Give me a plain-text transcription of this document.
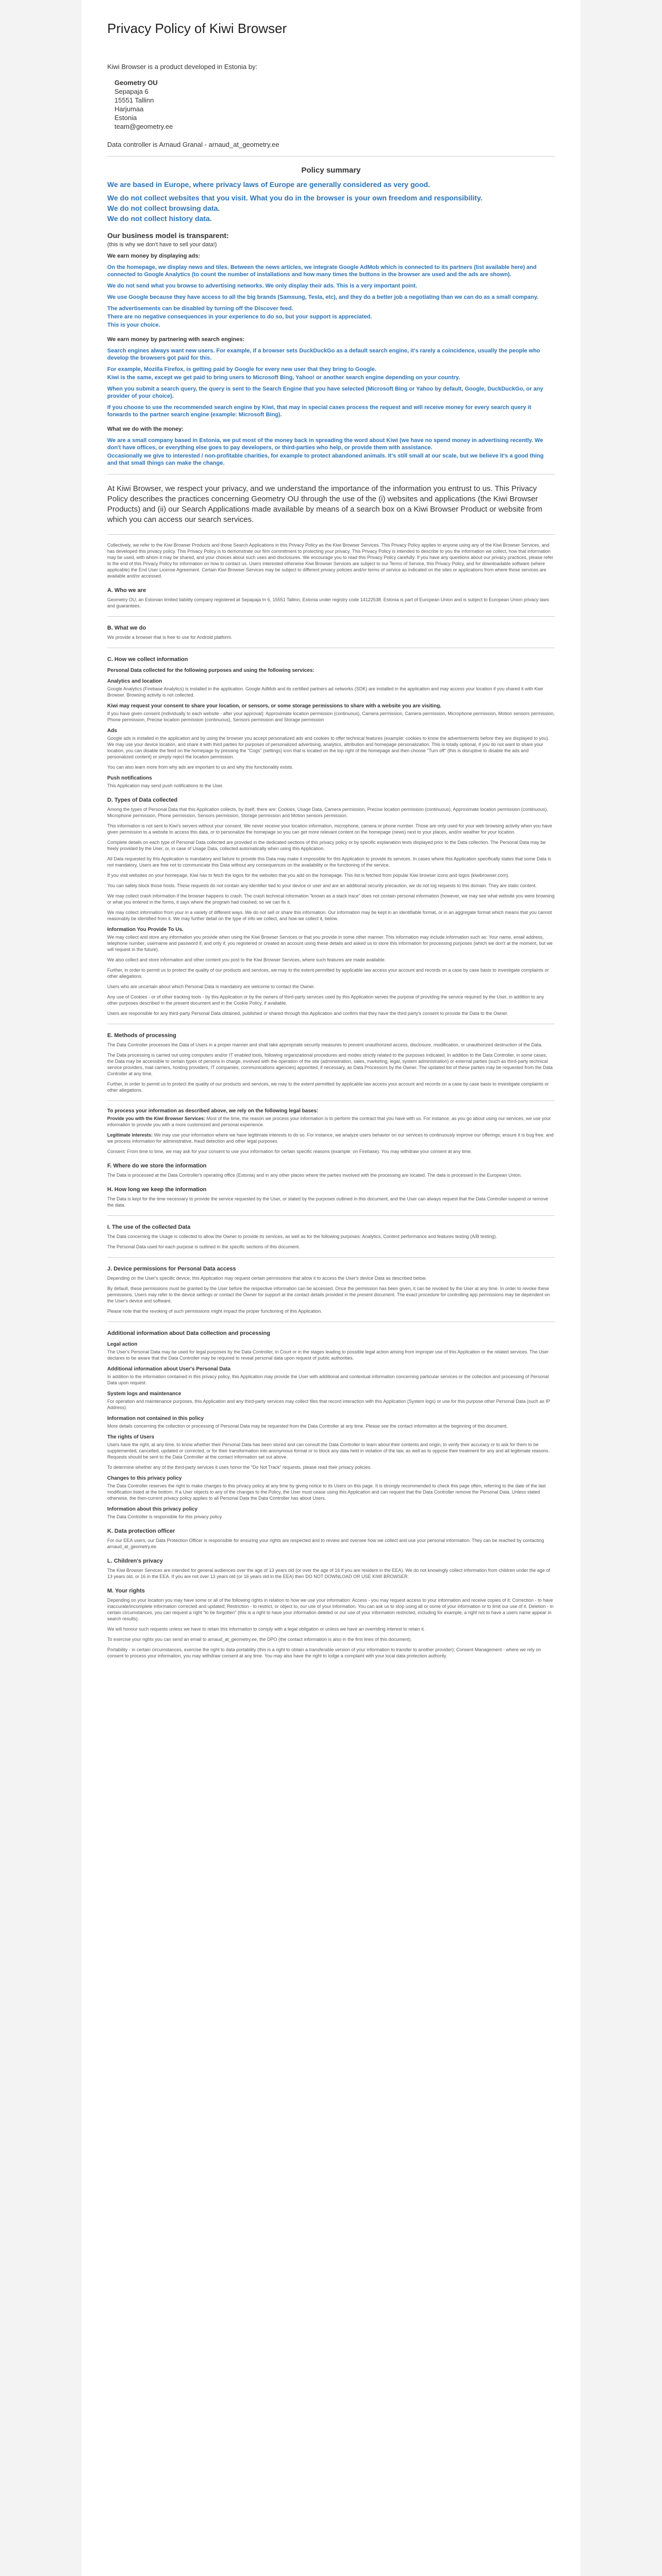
Privacy Policy of Kiwi Browser
Kiwi Browser is a product developed in Estonia by:
Geometry OU
Sepapaja 6
15551 Tallinn
Harjumaa
Estonia
team@geometry.ee
Data controller is Arnaud Granal - arnaud_at_geometry.ee
Policy summary

We are based in Europe, where privacy laws of Europe are generally considered as very good.

We do not collect websites that you visit. What you do in the browser is your own freedom and responsibility.

We do not collect browsing data.

We do not collect history data.

Our business model is transparent:

(this is why we don't have to sell your data!)

We earn money by displaying ads:

On the homepage, we display news and tiles. Between the news articles, we integrate Google AdMob which is connected to its partners (list available here) and connected to Google Analytics (to count the number of installations and how many times the buttons in the browser are used and the ads are shown).

We do not send what you browse to advertising networks. We only display their ads. This is a very important point.

We use Google because they have access to all the big brands (Samsung, Tesla, etc), and they do a better job a negotiating than we can do as a small company.

The advertisements can be disabled by turning off the Discover feed.

There are no negative consequences in your experience to do so, but your support is appreciated.

This is your choice.

We earn money by partnering with search engines:

Search engines always want new users. For example, if a browser sets DuckDuckGo as a default search engine, it's rarely a coincidence, usually the people who develop the browsers got paid for this.

For example, Mozilla Firefox, is getting paid by Google for every new user that they bring to Google.

Kiwi is the same, except we get paid to bring users to Microsoft Bing, Yahoo! or another search engine depending on your country.

When you submit a search query, the query is sent to the Search Engine that you have selected (Microsoft Bing or Yahoo by default, Google, DuckDuckGo, or any provider of your choice).

If you choose to use the recommended search engine by Kiwi, that may in special cases process the request and will receive money for every search query it forwards to the partner search engine (example: Microsoft Bing).

What we do with the money:

We are a small company based in Estonia, we put most of the money back in spreading the word about Kiwi (we have no spend money in advertising recently. We don't have offices, or everything else goes to pay developers, or third-parties who help, or provide them with assistance.

Occasionally we give to interested / non-profitable charities, for example to protect abandoned animals. It's still small at our scale, but we believe it's a good thing and that small things can make the change.

At Kiwi Browser, we respect your privacy, and we understand the importance of the information you entrust to us. This Privacy Policy describes the practices concerning Geometry OU through the use of the (i) websites and applications (the Kiwi Browser Products) and (ii) our Search Applications made available by means of a search box on a Kiwi Browser Product or website from which you can access our search services.

Collectively, we refer to the Kiwi Browser Products and those Search Applications in this Privacy Policy as the Kiwi Browser Services. This Privacy Policy applies to anyone using any of the Kiwi Browser Services, and has developed this privacy policy. This Privacy Policy is to demonstrate our firm commitment to protecting your privacy. This Privacy Policy is intended to describe to you the information we collect, how that information may be used, with whom it may be shared, and your choices about such uses and disclosures. We encourage you to read this Privacy Policy carefully. If you have any questions about our privacy practices, please refer to the end of this Privacy Policy for information on how to contact us. Users interested otherwise Kiwi Browser Services are subject to our Terms of Service, this Privacy Policy, and for downloadable software (where applicable) the End User License Agreement. Certain Kiwi Browser Services may be subject to different privacy policies and/or terms of service as indicated on the sites or applications from where those services are available and/or accessed.

A. Who we are

Geometry OU, an Estonian limited liability company registered at Sepapaja tn 6, 15551 Tallinn, Estonia under registry code 14122538. Estonia is part of European Union and is subject to European Union privacy laws and guarantees.

B. What we do

We provide a browser that is free to use for Android platform.

C. How we collect information
Personal Data collected for the following purposes and using the following services:
Analytics and location

Google Analytics (Firebase Analytics) is installed in the application. Google AdMob and its certified partners ad networks (SDK) are installed in the application and may access your location if you shared it with Kiwi Browser. Browsing activity is not collected.

Kiwi may request your consent to share your location, or sensors, or some storage permissions to share with a website you are visiting.

If you have given consent (individually to each website - after your approval): Approximate location permission (continuous), Camera permission, Camera permission, Microphone permission, Motion sensors permission, Phone permission, Precise location permission (continuous), Sensors permission and Storage permission

Ads

Google ads is installed in the application and by using the browser you accept personalized ads and cookies to offer technical features (example: cookies to know the advertisements before they are displayed to you). We may use your device location, and share it with third parties for purposes of personalized advertising, analytics, attribution and homepage personalization. This is totally optional, if you do not want to share your location, you can disable the feed on the homepage by pressing the "Cogs" (settings) icon that is located on the top right of the homepage and then choose "Turn off" (this is disruptive to disable the ads and personalized content) or simply reject the location permission.

You can also learn more from why ads are important to us and why this functionality exists.

Push notifications

This Application may send push notifications to the User.

D. Types of Data collected

Among the types of Personal Data that this Application collects, by itself, there are: Cookies, Usage Data, Camera permission, Precise location permission (continuous), Approximate location permission (continuous), Microphone permission, Phone permission, Sensors permission, Storage permission and Motion sensors permission.

This information is not sent to Kiwi's servers without your consent. We never receive your location information, microphone, camera or phone number. Those are only used for your web browsing activity when you have given permission to a website to access this data, or to personalize the homepage so you can get more relevant content on the homepage (news) next to your places, and/or weather for your location.

Complete details on each type of Personal Data collected are provided in the dedicated sections of this privacy policy or by specific explanation texts displayed prior to the Data collection. The Personal Data may be freely provided by the User, or, in case of Usage Data, collected automatically when using this Application.

All Data requested by this Application is mandatory and failure to provide this Data may make it impossible for this Application to provide its services. In cases where this Application specifically states that some Data is not mandatory, Users are free not to communicate this Data without any consequences on the availability or the functioning of the service.

If you visit websites on your homepage, Kiwi has to fetch the logos for the websites that you add on the homepage. This list is fetched from popular Kiwi browser icons and logos (kiwibrowser.com).

You can safely block those hosts. These requests do not contain any identifier tied to your device or user and are an additional security precaution, we do not log requests to this domain. They are static content.

We may collect crash information if the browser happens to crash. The crash technical information "known as a stack trace" does not contain personal information (however, we may see what website you were browsing or what you entered in the forms, it says where the program had crashed, so we can fix it.

We may collect information from your in a variety of different ways. We do not sell or share this information. Our information may be kept in an identifiable format, or in an aggregate format which means that you cannot reasonably be identified from it. We may further detail on the type of info we collect, and how we collect it, below.

Information You Provide To Us.

We may collect and store any information you provide when using the Kiwi Browser Services or that you provide in some other manner. This information may include information such as: Your name, email address, telephone number, username and password if, and only if, you registered or created an account using these details and asked us to store this information for processing purposes (which we don't at the moment, but we will request in the future).

We also collect and store information and other content you post to the Kiwi Browser Services, where such features are made available.

Further, in order to permit us to protect the quality of our products and services, we may to the extent permitted by applicable law access your account and records on a case by case basis to investigate complaints or other allegations.

Users who are uncertain about which Personal Data is mandatory are welcome to contact the Owner.

Any use of Cookies - or of other tracking tools - by this Application or by the owners of third-party services used by this Application serves the purpose of providing the service required by the User, in addition to any other purposes described in the present document and in the Cookie Policy, if available.

Users are responsible for any third-party Personal Data obtained, published or shared through this Application and confirm that they have the third party's consent to provide the Data to the Owner.

E. Methods of processing

The Data Controller processes the Data of Users in a proper manner and shall take appropriate security measures to prevent unauthorized access, disclosure, modification, or unauthorized destruction of the Data.

The Data processing is carried out using computers and/or IT enabled tools, following organizational procedures and modes strictly related to the purposes indicated. In addition to the Data Controller, in some cases, the Data may be accessible to certain types of persons in charge, involved with the operation of the site (administration, sales, marketing, legal, system administration) or external parties (such as third-party technical service providers, mail carriers, hosting providers, IT companies, communications agencies) appointed, if necessary, as Data Processors by the Owner. The updated list of these parties may be requested from the Data Controller at any time.

Further, in order to permit us to protect the quality of our products and services, we may to the extent permitted by applicable law access your account and records on a case by case basis to investigate complaints or other allegations.

To process your information as described above, we rely on the following legal bases:

Provide you with the Kiwi Browser Services: Most of the time, the reason we process your information is to perform the contract that you have with us. For instance, as you go about using our services, we use your information to provide you with a more customized and personal experience.

Legitimate interests: We may use your information where we have legitimate interests to do so. For instance, we analyze users behavior on our services to continuously improve our offerings; ensure it is bug free; and we process information for administrative, fraud detection and other legal purposes.

Consent: From time to time, we may ask for your consent to use your information for certain specific reasons (example: on Firebase). You may withdraw your consent at any time.

F. Where do we store the information

The Data is processed at the Data Controller's operating office (Estonia) and in any other places where the parties involved with the processing are located. The data is processed in the European Union.

H. How long we keep the information

The Data is kept for the time necessary to provide the service requested by the User, or stated by the purposes outlined in this document, and the User can always request that the Data Controller suspend or remove the data.

I. The use of the collected Data

The Data concerning the Usage is collected to allow the Owner to provide its services, as well as for the following purposes: Analytics, Content performance and features testing (A/B testing).

The Personal Data used for each purpose is outlined in the specific sections of this document.

J. Device permissions for Personal Data access

Depending on the User's specific device, this Application may request certain permissions that allow it to access the User's device Data as described below.

By default, these permissions must be granted by the User before the respective information can be accessed. Once the permission has been given, it can be revoked by the User at any time. In order to revoke these permissions, Users may refer to the device settings or contact the Owner for support at the contact details provided in the present document. The exact procedure for controlling app permissions may be dependent on the User's device and software.

Please note that the revoking of such permissions might impact the proper functioning of this Application.

Additional information about Data collection and processing
Legal action

The User's Personal Data may be used for legal purposes by the Data Controller, in Court or in the stages leading to possible legal action arising from improper use of this Application or the related services. The User declares to be aware that the Data Controller may be required to reveal personal data upon request of public authorities.

Additional information about User's Personal Data

In addition to the information contained in this privacy policy, this Application may provide the User with additional and contextual information concerning particular services or the collection and processing of Personal Data upon request.

System logs and maintenance

For operation and maintenance purposes, this Application and any third-party services may collect files that record interaction with this Application (System logs) or use for this purpose other Personal Data (such as IP Address).

Information not contained in this policy

More details concerning the collection or processing of Personal Data may be requested from the Data Controller at any time. Please see the contact information at the beginning of this document.

The rights of Users

Users have the right, at any time, to know whether their Personal Data has been stored and can consult the Data Controller to learn about their contents and origin, to verify their accuracy or to ask for them to be supplemented, cancelled, updated or corrected, or for their transformation into anonymous format or to block any data held in violation of the law, as well as to oppose their treatment for any and all legitimate reasons. Requests should be sent to the Data Controller at the contact information set out above.

To determine whether any of the third-party services it uses honor the "Do Not Track" requests, please read their privacy policies.

Changes to this privacy policy

The Data Controller reserves the right to make changes to this privacy policy at any time by giving notice to its Users on this page. It is strongly recommended to check this page often, referring to the date of the last modification listed at the bottom. If a User objects to any of the changes to the Policy, the User must cease using this Application and can request that the Data Controller remove the Personal Data. Unless stated otherwise, the then-current privacy policy applies to all Personal Data the Data Controller has about Users.

Information about this privacy policy

The Data Controller is responsible for this privacy policy.

K. Data protection officer

For our EEA users, our Data Protection Officer is responsible for ensuring your rights are respected and to review and oversee how we collect and use your personal information. They can be reached by contacting arnaud_at_geometry.ee.

L. Children's privacy

The Kiwi Browser Services are intended for general audiences over the age of 13 years old (or over the age of 16 if you are resident in the EEA). We do not knowingly collect information from children under the age of 13 years old, or 16 in the EEA. If you are not over 13 years old (or 16 years old in the EEA) then DO NOT DOWNLOAD OR USE KIWI BROWSER.

M. Your rights

Depending on your location you may have some or all of the following rights in relation to how we use your information: Access - you may request access to your information and receive copies of it; Correction - to have inaccurate/incomplete information corrected and updated; Restriction - to restrict, or object to, our use of your information. You can ask us to stop using all or some of your information or to limit our use of it. Deletion - in certain circumstances, you can request a right "to be forgotten" (this is a right to have your information deleted or our use of your information restricted, including for example, a right not to have a users name appear in search results).

We will honour such requests unless we have to retain this information to comply with a legal obligation or unless we have an overriding interest to retain it.

To exercise your rights you can send an email to arnaud_at_geometry.ee, the DPO (the contact information is also in the first lines of this document).

Portability - in certain circumstances, exercise the right to data portability (this is a right to obtain a transferable version of your information to transfer to another provider); Consent Management - where we rely on consent to process your information, you may withdraw consent at any time. You may also have the right to lodge a complaint with your local data protection authority.
